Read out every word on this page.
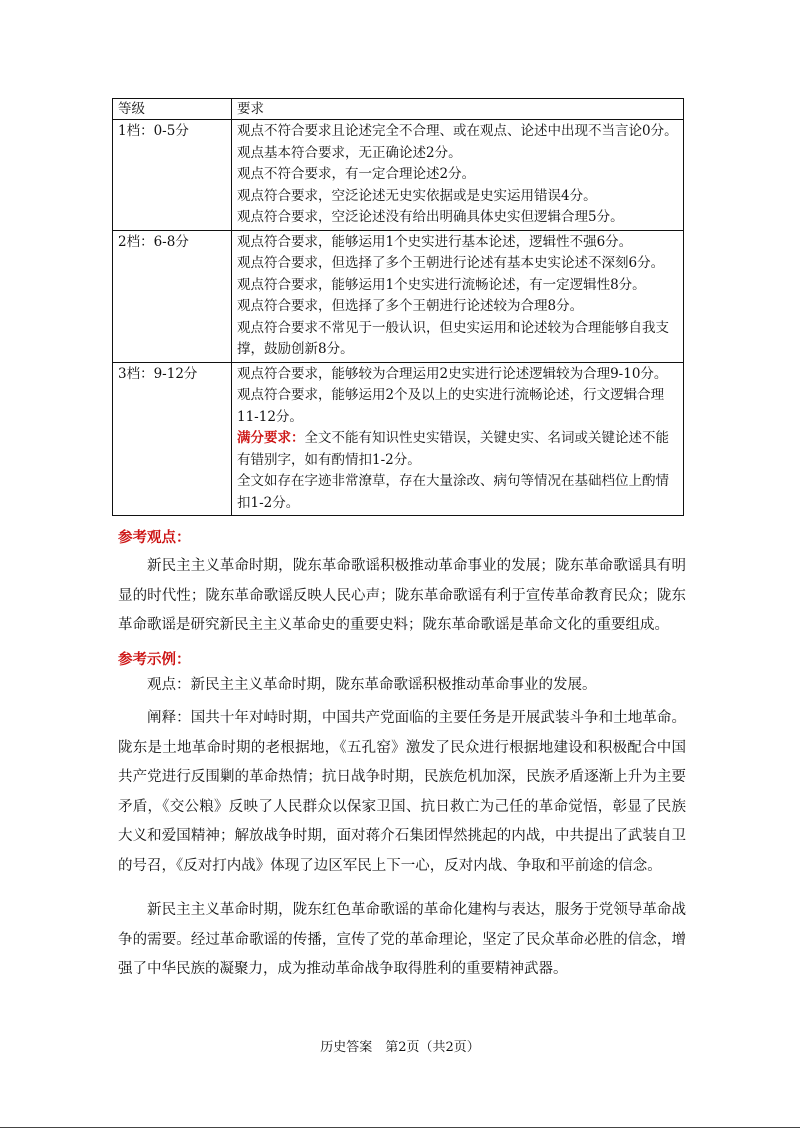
等级	要求
1档：0-5分	观点不符合要求且论述完全不合理、或在观点、论述中出现不当言论0分。
观点基本符合要求，无正确论述2分。
观点不符合要求，有一定合理论述2分。
观点符合要求，空泛论述无史实依据或是史实运用错误4分。
观点符合要求，空泛论述没有给出明确具体史实但逻辑合理5分。

2档：6-8分	观点符合要求，能够运用1个史实进行基本论述，逻辑性不强6分。
观点符合要求，但选择了多个王朝进行论述有基本史实论述不深刻6分。
观点符合要求，能够运用1个史实进行流畅论述，有一定逻辑性8分。
观点符合要求，但选择了多个王朝进行论述较为合理8分。
观点符合要求不常见于一般认识，但史实运用和论述较为合理能够自我支撑，鼓励创新8分。

3档：9-12分	观点符合要求，能够较为合理运用2史实进行论述逻辑较为合理9-10分。
观点符合要求，能够运用2个及以上的史实进行流畅论述，行文逻辑合理11-12分。
满分要求：全文不能有知识性史实错误，关键史实、名词或关键论述不能有错别字，如有酌情扣1-2分。
全文如存在字迹非常潦草，存在大量涂改、病句等情况在基础档位上酌情扣1-2分。
参考观点：
新民主主义革命时期，陇东革命歌谣积极推动革命事业的发展；陇东革命歌谣具有明显的时代性；陇东革命歌谣反映人民心声；陇东革命歌谣有利于宣传革命教育民众；陇东革命歌谣是研究新民主主义革命史的重要史料；陇东革命歌谣是革命文化的重要组成。
参考示例：
观点：新民主主义革命时期，陇东革命歌谣积极推动革命事业的发展。
阐释：国共十年对峙时期，中国共产党面临的主要任务是开展武装斗争和土地革命。陇东是土地革命时期的老根据地，《五孔窑》激发了民众进行根据地建设和积极配合中国共产党进行反围剿的革命热情；抗日战争时期，民族危机加深，民族矛盾逐渐上升为主要矛盾，《交公粮》反映了人民群众以保家卫国、抗日救亡为己任的革命觉悟，彰显了民族大义和爱国精神；解放战争时期，面对蒋介石集团悍然挑起的内战，中共提出了武装自卫的号召，《反对打内战》体现了边区军民上下一心，反对内战、争取和平前途的信念。
新民主主义革命时期，陇东红色革命歌谣的革命化建构与表达，服务于党领导革命战争的需要。经过革命歌谣的传播，宣传了党的革命理论，坚定了民众革命必胜的信念，增强了中华民族的凝聚力，成为推动革命战争取得胜利的重要精神武器。
历史答案　第2页（共2页）
